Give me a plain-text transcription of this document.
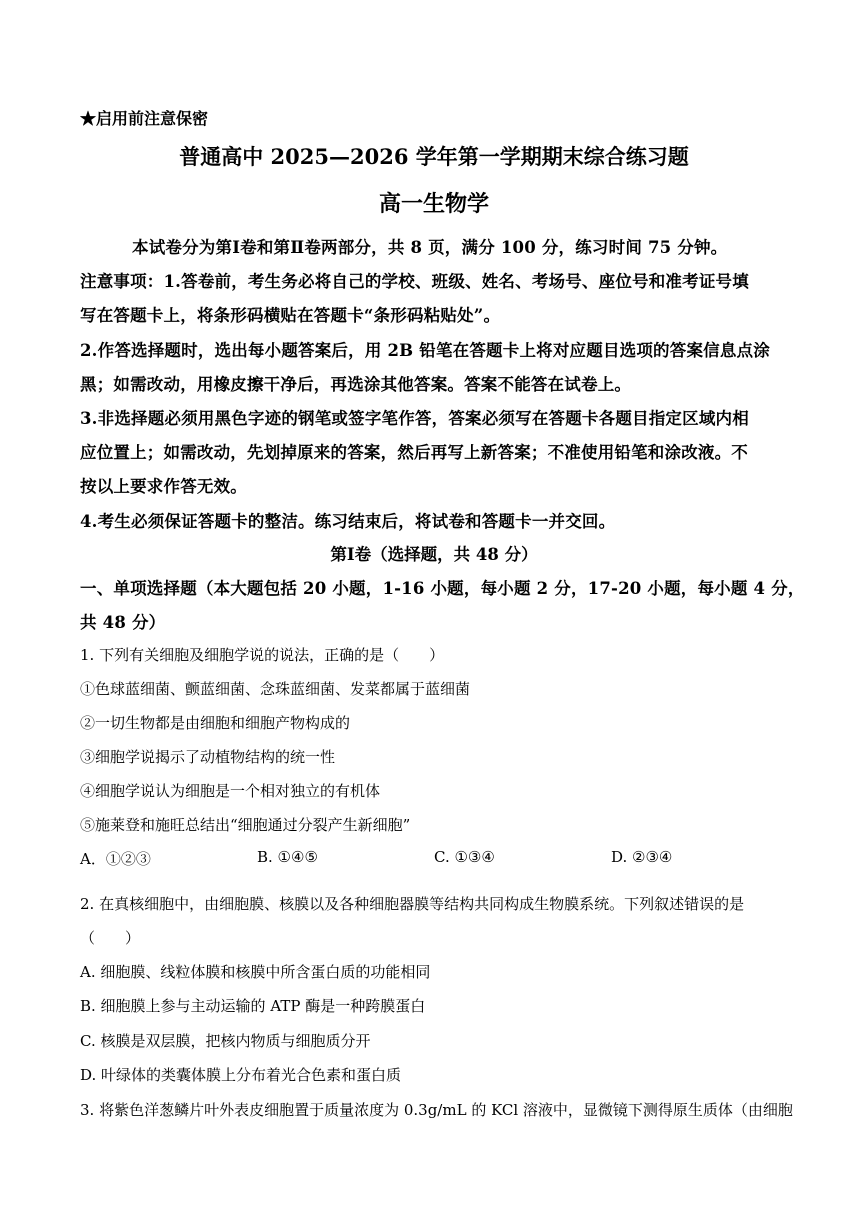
★启用前注意保密
普通高中 2025—2026 学年第一学期期末综合练习题
高一生物学
本试卷分为第Ⅰ卷和第Ⅱ卷两部分，共 8 页，满分 100 分，练习时间 75 分钟。
注意事项：1.答卷前，考生务必将自己的学校、班级、姓名、考场号、座位号和准考证号填
写在答题卡上，将条形码横贴在答题卡“条形码粘贴处”。
2.作答选择题时，选出每小题答案后，用 2B 铅笔在答题卡上将对应题目选项的答案信息点涂
黑；如需改动，用橡皮擦干净后，再选涂其他答案。答案不能答在试卷上。
3.非选择题必须用黑色字迹的钢笔或签字笔作答，答案必须写在答题卡各题目指定区域内相
应位置上；如需改动，先划掉原来的答案，然后再写上新答案；不准使用铅笔和涂改液。不
按以上要求作答无效。
4.考生必须保证答题卡的整洁。练习结束后，将试卷和答题卡一并交回。
第Ⅰ卷（选择题，共 48 分）
一、单项选择题（本大题包括 20 小题，1-16 小题，每小题 2 分，17-20 小题，每小题 4 分，
共 48 分）
1. 下列有关细胞及细胞学说的说法，正确的是（　　）
①色球蓝细菌、颤蓝细菌、念珠蓝细菌、发菜都属于蓝细菌
②一切生物都是由细胞和细胞产物构成的
③细胞学说揭示了动植物结构的统一性
④细胞学说认为细胞是一个相对独立的有机体
⑤施莱登和施旺总结出“细胞通过分裂产生新细胞”
A．①②③	B. ①④⑤	C. ①③④	D. ②③④
2. 在真核细胞中，由细胞膜、核膜以及各种细胞器膜等结构共同构成生物膜系统。下列叙述错误的是
（　　）
A. 细胞膜、线粒体膜和核膜中所含蛋白质的功能相同
B. 细胞膜上参与主动运输的 ATP 酶是一种跨膜蛋白
C. 核膜是双层膜，把核内物质与细胞质分开
D. 叶绿体的类囊体膜上分布着光合色素和蛋白质
3. 将紫色洋葱鳞片叶外表皮细胞置于质量浓度为 0.3g/mL 的 KCl 溶液中，显微镜下测得原生质体（由细胞
